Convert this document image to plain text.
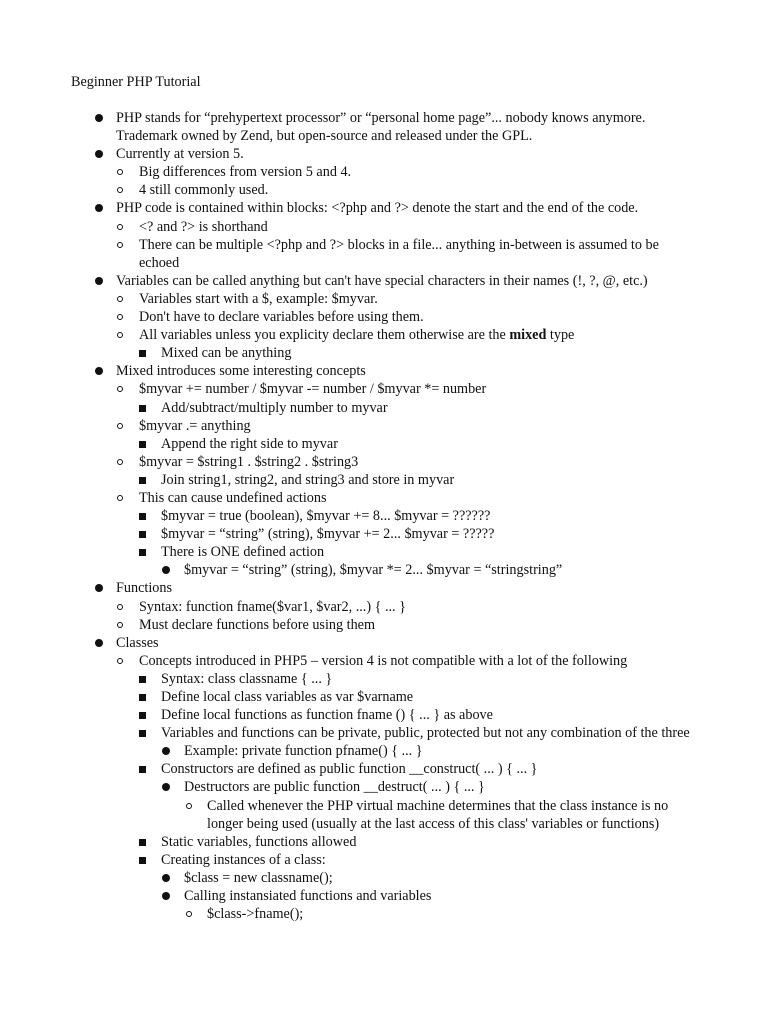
Beginner PHP Tutorial
PHP stands for “prehypertext processor” or “personal home page”... nobody knows anymore. Trademark owned by Zend, but open-source and released under the GPL.
Currently at version 5.
Big differences from version 5 and 4.
4 still commonly used.
PHP code is contained within blocks: <?php and ?> denote the start and the end of the code.
<? and ?> is shorthand
There can be multiple <?php and ?> blocks in a file... anything in-between is assumed to be echoed
Variables can be called anything but can't have special characters in their names (!, ?, @, etc.)
Variables start with a $, example: $myvar.
Don't have to declare variables before using them.
All variables unless you explicity declare them otherwise are the mixed type
Mixed can be anything
Mixed introduces some interesting concepts
$myvar += number / $myvar -= number / $myvar *= number
Add/subtract/multiply number to myvar
$myvar .= anything
Append the right side to myvar
$myvar = $string1 . $string2 . $string3
Join string1, string2, and string3 and store in myvar
This can cause undefined actions
$myvar = true (boolean), $myvar += 8... $myvar = ??????
$myvar = “string” (string), $myvar += 2... $myvar = ?????
There is ONE defined action
$myvar = “string” (string), $myvar *= 2... $myvar = “stringstring”
Functions
Syntax: function fname($var1, $var2, ...) { ... }
Must declare functions before using them
Classes
Concepts introduced in PHP5 – version 4 is not compatible with a lot of the following
Syntax: class classname { ... }
Define local class variables as var $varname
Define local functions as function fname () { ... } as above
Variables and functions can be private, public, protected but not any combination of the three
Example: private function pfname() { ... }
Constructors are defined as public function __construct( ... ) { ... }
Destructors are public function __destruct( ... ) { ... }
Called whenever the PHP virtual machine determines that the class instance is no longer being used (usually at the last access of this class' variables or functions)
Static variables, functions allowed
Creating instances of a class:
$class = new classname();
Calling instansiated functions and variables
$class->fname();
